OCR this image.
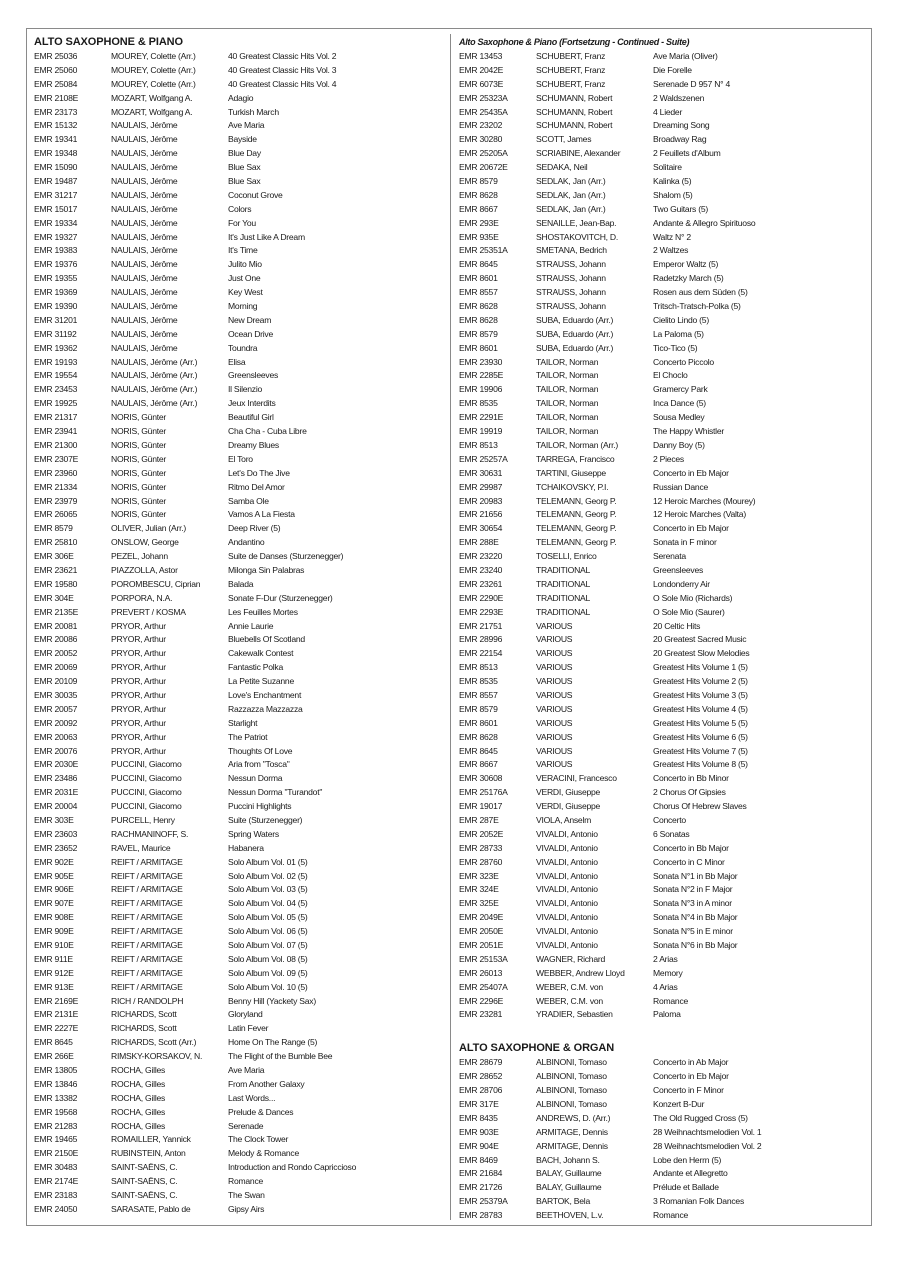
ALTO SAXOPHONE & PIANO
EMR 25036	MOUREY, Colette (Arr.)	40 Greatest Classic Hits Vol. 2
EMR 25060	MOUREY, Colette (Arr.)	40 Greatest Classic Hits Vol. 3
EMR 25084	MOUREY, Colette (Arr.)	40 Greatest Classic Hits Vol. 4
EMR 2108E	MOZART, Wolfgang A.	Adagio
EMR 23173	MOZART, Wolfgang A.	Turkish March
EMR 15132	NAULAIS, Jérôme	Ave Maria
EMR 19341	NAULAIS, Jérôme	Bayside
EMR 19348	NAULAIS, Jérôme	Blue Day
EMR 15090	NAULAIS, Jérôme	Blue Sax
EMR 19487	NAULAIS, Jérôme	Blue Sax
EMR 31217	NAULAIS, Jérôme	Coconut Grove
EMR 15017	NAULAIS, Jérôme	Colors
EMR 19334	NAULAIS, Jérôme	For You
EMR 19327	NAULAIS, Jérôme	It's Just Like A Dream
EMR 19383	NAULAIS, Jérôme	It's Time
EMR 19376	NAULAIS, Jérôme	Julito Mio
EMR 19355	NAULAIS, Jérôme	Just One
EMR 19369	NAULAIS, Jérôme	Key West
EMR 19390	NAULAIS, Jérôme	Morning
EMR 31201	NAULAIS, Jérôme	New Dream
EMR 31192	NAULAIS, Jérôme	Ocean Drive
EMR 19362	NAULAIS, Jérôme	Toundra
EMR 19193	NAULAIS, Jérôme (Arr.)	Elisa
EMR 19554	NAULAIS, Jérôme (Arr.)	Greensleeves
EMR 23453	NAULAIS, Jérôme (Arr.)	Il Silenzio
EMR 19925	NAULAIS, Jérôme (Arr.)	Jeux Interdits
EMR 21317	NORIS, Günter	Beautiful Girl
EMR 23941	NORIS, Günter	Cha Cha - Cuba Libre
EMR 21300	NORIS, Günter	Dreamy Blues
EMR 2307E	NORIS, Günter	El Toro
EMR 23960	NORIS, Günter	Let's Do The Jive
EMR 21334	NORIS, Günter	Ritmo Del Amor
EMR 23979	NORIS, Günter	Samba Ole
EMR 26065	NORIS, Günter	Vamos A La Fiesta
EMR 8579	OLIVER, Julian (Arr.)	Deep River (5)
EMR 25810	ONSLOW, George	Andantino
EMR 306E	PEZEL, Johann	Suite de Danses (Sturzenegger)
EMR 23621	PIAZZOLLA, Astor	Milonga Sin Palabras
EMR 19580	POROMBESCU, Ciprian	Balada
EMR 304E	PORPORA, N.A.	Sonate F-Dur (Sturzenegger)
EMR 2135E	PREVERT / KOSMA	Les Feuilles Mortes
EMR 20081	PRYOR, Arthur	Annie Laurie
EMR 20086	PRYOR, Arthur	Bluebells Of Scotland
EMR 20052	PRYOR, Arthur	Cakewalk Contest
EMR 20069	PRYOR, Arthur	Fantastic Polka
EMR 20109	PRYOR, Arthur	La Petite Suzanne
EMR 30035	PRYOR, Arthur	Love's Enchantment
EMR 20057	PRYOR, Arthur	Razzazza Mazzazza
EMR 20092	PRYOR, Arthur	Starlight
EMR 20063	PRYOR, Arthur	The Patriot
EMR 20076	PRYOR, Arthur	Thoughts Of Love
EMR 2030E	PUCCINI, Giacomo	Aria from "Tosca"
EMR 23486	PUCCINI, Giacomo	Nessun Dorma
EMR 2031E	PUCCINI, Giacomo	Nessun Dorma "Turandot"
EMR 20004	PUCCINI, Giacomo	Puccini Highlights
EMR 303E	PURCELL, Henry	Suite (Sturzenegger)
EMR 23603	RACHMANINOFF, S.	Spring Waters
EMR 23652	RAVEL, Maurice	Habanera
EMR 902E	REIFT / ARMITAGE	Solo Album Vol. 01 (5)
EMR 905E	REIFT / ARMITAGE	Solo Album Vol. 02 (5)
EMR 906E	REIFT / ARMITAGE	Solo Album Vol. 03 (5)
EMR 907E	REIFT / ARMITAGE	Solo Album Vol. 04 (5)
EMR 908E	REIFT / ARMITAGE	Solo Album Vol. 05 (5)
EMR 909E	REIFT / ARMITAGE	Solo Album Vol. 06 (5)
EMR 910E	REIFT / ARMITAGE	Solo Album Vol. 07 (5)
EMR 911E	REIFT / ARMITAGE	Solo Album Vol. 08 (5)
EMR 912E	REIFT / ARMITAGE	Solo Album Vol. 09 (5)
EMR 913E	REIFT / ARMITAGE	Solo Album Vol. 10 (5)
EMR 2169E	RICH / RANDOLPH	Benny Hill (Yackety Sax)
EMR 2131E	RICHARDS, Scott	Gloryland
EMR 2227E	RICHARDS, Scott	Latin Fever
EMR 8645	RICHARDS, Scott (Arr.)	Home On The Range (5)
EMR 266E	RIMSKY-KORSAKOV, N.	The Flight of the Bumble Bee
EMR 13805	ROCHA, Gilles	Ave Maria
EMR 13846	ROCHA, Gilles	From Another Galaxy
EMR 13382	ROCHA, Gilles	Last Words...
EMR 19568	ROCHA, Gilles	Prelude & Dances
EMR 21283	ROCHA, Gilles	Serenade
EMR 19465	ROMAILLER, Yannick	The Clock Tower
EMR 2150E	RUBINSTEIN, Anton	Melody & Romance
EMR 30483	SAINT-SAËNS, C.	Introduction and Rondo Capriccioso
EMR 2174E	SAINT-SAËNS, C.	Romance
EMR 23183	SAINT-SAËNS, C.	The Swan
EMR 24050	SARASATE, Pablo de	Gipsy Airs
Alto Saxophone & Piano (Fortsetzung - Continued - Suite)
EMR 13453	SCHUBERT, Franz	Ave Maria (Oliver)
EMR 2042E	SCHUBERT, Franz	Die Forelle
EMR 6073E	SCHUBERT, Franz	Serenade D 957 N° 4
EMR 25323A	SCHUMANN, Robert	2 Waldszenen
EMR 25435A	SCHUMANN, Robert	4 Lieder
EMR 23202	SCHUMANN, Robert	Dreaming Song
EMR 30280	SCOTT, James	Broadway Rag
EMR 25205A	SCRIABINE, Alexander	2 Feuillets d'Album
EMR 20672E	SEDAKA, Neil	Solitaire
EMR 8579	SEDLAK, Jan (Arr.)	Kalinka (5)
EMR 8628	SEDLAK, Jan (Arr.)	Shalom (5)
EMR 8667	SEDLAK, Jan (Arr.)	Two Guitars (5)
EMR 293E	SENAILLE, Jean-Bap.	Andante & Allegro Spirituoso
EMR 935E	SHOSTAKOVITCH, D.	Waltz N° 2
EMR 25351A	SMETANA, Bedrich	2 Waltzes
EMR 8645	STRAUSS, Johann	Emperor Waltz (5)
EMR 8601	STRAUSS, Johann	Radetzky March (5)
EMR 8557	STRAUSS, Johann	Rosen aus dem Süden (5)
EMR 8628	STRAUSS, Johann	Tritsch-Tratsch-Polka (5)
EMR 8628	SUBA, Eduardo (Arr.)	Cielito Lindo (5)
EMR 8579	SUBA, Eduardo (Arr.)	La Paloma (5)
EMR 8601	SUBA, Eduardo (Arr.)	Tico-Tico (5)
EMR 23930	TAILOR, Norman	Concerto Piccolo
EMR 2285E	TAILOR, Norman	El Choclo
EMR 19906	TAILOR, Norman	Gramercy Park
EMR 8535	TAILOR, Norman	Inca Dance (5)
EMR 2291E	TAILOR, Norman	Sousa Medley
EMR 19919	TAILOR, Norman	The Happy Whistler
EMR 8513	TAILOR, Norman (Arr.)	Danny Boy (5)
EMR 25257A	TARREGA, Francisco	2 Pieces
EMR 30631	TARTINI, Giuseppe	Concerto in Eb Major
EMR 29987	TCHAIKOVSKY, P.I.	Russian Dance
EMR 20983	TELEMANN, Georg P.	12 Heroic Marches (Mourey)
EMR 21656	TELEMANN, Georg P.	12 Heroic Marches (Valta)
EMR 30654	TELEMANN, Georg P.	Concerto in Eb Major
EMR 288E	TELEMANN, Georg P.	Sonata in F minor
EMR 23220	TOSELLI, Enrico	Serenata
EMR 23240	TRADITIONAL	Greensleeves
EMR 23261	TRADITIONAL	Londonderry Air
EMR 2290E	TRADITIONAL	O Sole Mio (Richards)
EMR 2293E	TRADITIONAL	O Sole Mio (Saurer)
EMR 21751	VARIOUS	20 Celtic Hits
EMR 28996	VARIOUS	20 Greatest Sacred Music
EMR 22154	VARIOUS	20 Greatest Slow Melodies
EMR 8513	VARIOUS	Greatest Hits Volume 1 (5)
EMR 8535	VARIOUS	Greatest Hits Volume 2 (5)
EMR 8557	VARIOUS	Greatest Hits Volume 3 (5)
EMR 8579	VARIOUS	Greatest Hits Volume 4 (5)
EMR 8601	VARIOUS	Greatest Hits Volume 5 (5)
EMR 8628	VARIOUS	Greatest Hits Volume 6 (5)
EMR 8645	VARIOUS	Greatest Hits Volume 7 (5)
EMR 8667	VARIOUS	Greatest Hits Volume 8 (5)
EMR 30608	VERACINI, Francesco	Concerto in Bb Minor
EMR 25176A	VERDI, Giuseppe	2 Chorus Of Gipsies
EMR 19017	VERDI, Giuseppe	Chorus Of Hebrew Slaves
EMR 287E	VIOLA, Anselm	Concerto
EMR 2052E	VIVALDI, Antonio	6 Sonatas
EMR 28733	VIVALDI, Antonio	Concerto in Bb Major
EMR 28760	VIVALDI, Antonio	Concerto in C Minor
EMR 323E	VIVALDI, Antonio	Sonata N°1 in Bb Major
EMR 324E	VIVALDI, Antonio	Sonata N°2 in F Major
EMR 325E	VIVALDI, Antonio	Sonata N°3 in A minor
EMR 2049E	VIVALDI, Antonio	Sonata N°4 in Bb Major
EMR 2050E	VIVALDI, Antonio	Sonata N°5 in E minor
EMR 2051E	VIVALDI, Antonio	Sonata N°6 in Bb Major
EMR 25153A	WAGNER, Richard	2 Arias
EMR 26013	WEBBER, Andrew Lloyd	Memory
EMR 25407A	WEBER, C.M. von	4 Arias
EMR 2296E	WEBER, C.M. von	Romance
EMR 23281	YRADIER, Sebastien	Paloma
ALTO SAXOPHONE & ORGAN
EMR 28679	ALBINONI, Tomaso	Concerto in Ab Major
EMR 28652	ALBINONI, Tomaso	Concerto in Eb Major
EMR 28706	ALBINONI, Tomaso	Concerto in F Minor
EMR 317E	ALBINONI, Tomaso	Konzert B-Dur
EMR 8435	ANDREWS, D. (Arr.)	The Old Rugged Cross (5)
EMR 903E	ARMITAGE, Dennis	28 Weihnachtsmelodien Vol. 1
EMR 904E	ARMITAGE, Dennis	28 Weihnachtsmelodien Vol. 2
EMR 8469	BACH, Johann S.	Lobe den Herrn (5)
EMR 21684	BALAY, Guillaume	Andante et Allegretto
EMR 21726	BALAY, Guillaume	Prélude et Ballade
EMR 25379A	BARTOK, Bela	3 Romanian Folk Dances
EMR 28783	BEETHOVEN, L.v.	Romance
